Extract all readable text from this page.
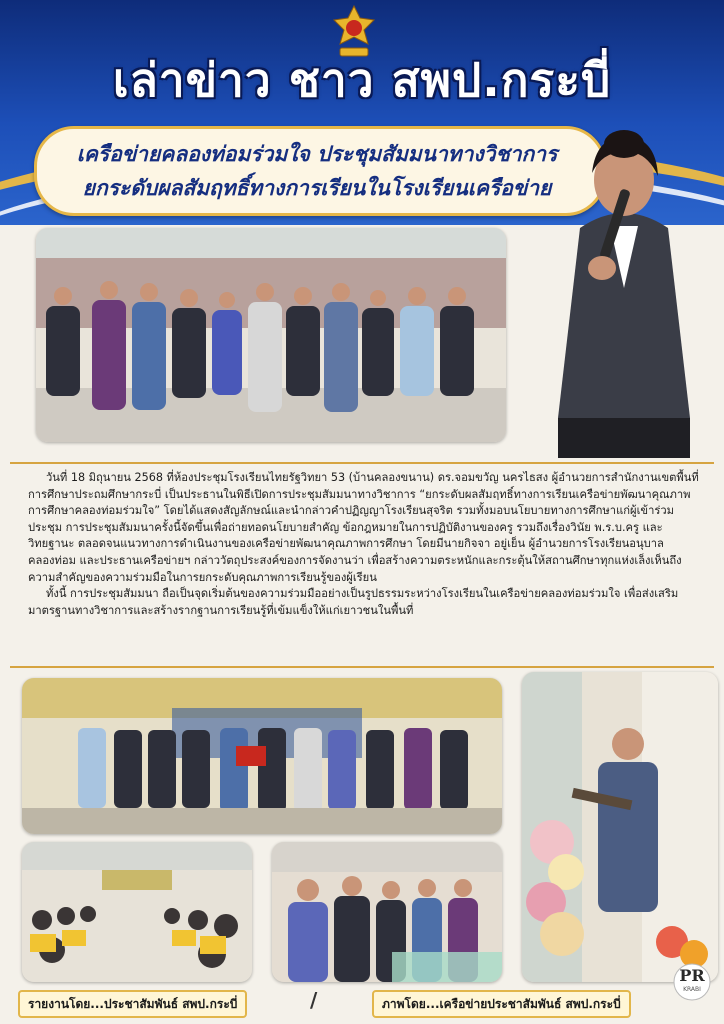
เล่าข่าว ชาว สพป.กระบี่
เครือข่ายคลองท่อมร่วมใจ ประชุมสัมมนาทางวิชาการ
ยกระดับผลสัมฤทธิ์ทางการเรียนในโรงเรียนเครือข่าย

วันที่ 18 มิถุนายน 2568 ที่ห้องประชุมโรงเรียนไทยรัฐวิทยา 53 (บ้านคลองขนาน) ดร.จอมขวัญ นครไธสง ผู้อำนวยการสำนักงานเขตพื้นที่การศึกษาประถมศึกษากระบี่ เป็นประธานในพิธีเปิดการประชุมสัมมนาทางวิชาการ “ยกระดับผลสัมฤทธิ์ทางการเรียนเครือข่ายพัฒนาคุณภาพการศึกษาคลองท่อมร่วมใจ” โดยได้แสดงสัญลักษณ์และนำกล่าวคำปฏิญญาโรงเรียนสุจริต รวมทั้งมอบนโยบายทางการศึกษาแก่ผู้เข้าร่วมประชุม การประชุมสัมมนาครั้งนี้จัดขึ้นเพื่อถ่ายทอดนโยบายสำคัญ ข้อกฎหมายในการปฏิบัติงานของครู รวมถึงเรื่องวินัย พ.ร.บ.ครู และวิทยฐานะ ตลอดจนแนวทางการดำเนินงานของเครือข่ายพัฒนาคุณภาพการศึกษา โดยมีนายกิจจา อยู่เย็น ผู้อำนวยการโรงเรียนอนุบาลคลองท่อม และประธานเครือข่ายฯ กล่าววัตถุประสงค์ของการจัดงานว่า เพื่อสร้างความตระหนักและกระตุ้นให้สถานศึกษาทุกแห่งเล็งเห็นถึงความสำคัญของความร่วมมือในการยกระดับคุณภาพการเรียนรู้ของผู้เรียน

ทั้งนี้ การประชุมสัมมนา ถือเป็นจุดเริ่มต้นของความร่วมมืออย่างเป็นรูปธรรมระหว่างโรงเรียนในเครือข่ายคลองท่อมร่วมใจ เพื่อส่งเสริมมาตรฐานทางวิชาการและสร้างรากฐานการเรียนรู้ที่เข้มแข็งให้แก่เยาวชนในพื้นที่

รายงานโดย...ประชาสัมพันธ์ สพป.กระบี่	/	ภาพโดย...เครือข่ายประชาสัมพันธ์ สพป.กระบี่
PR
KRABI
